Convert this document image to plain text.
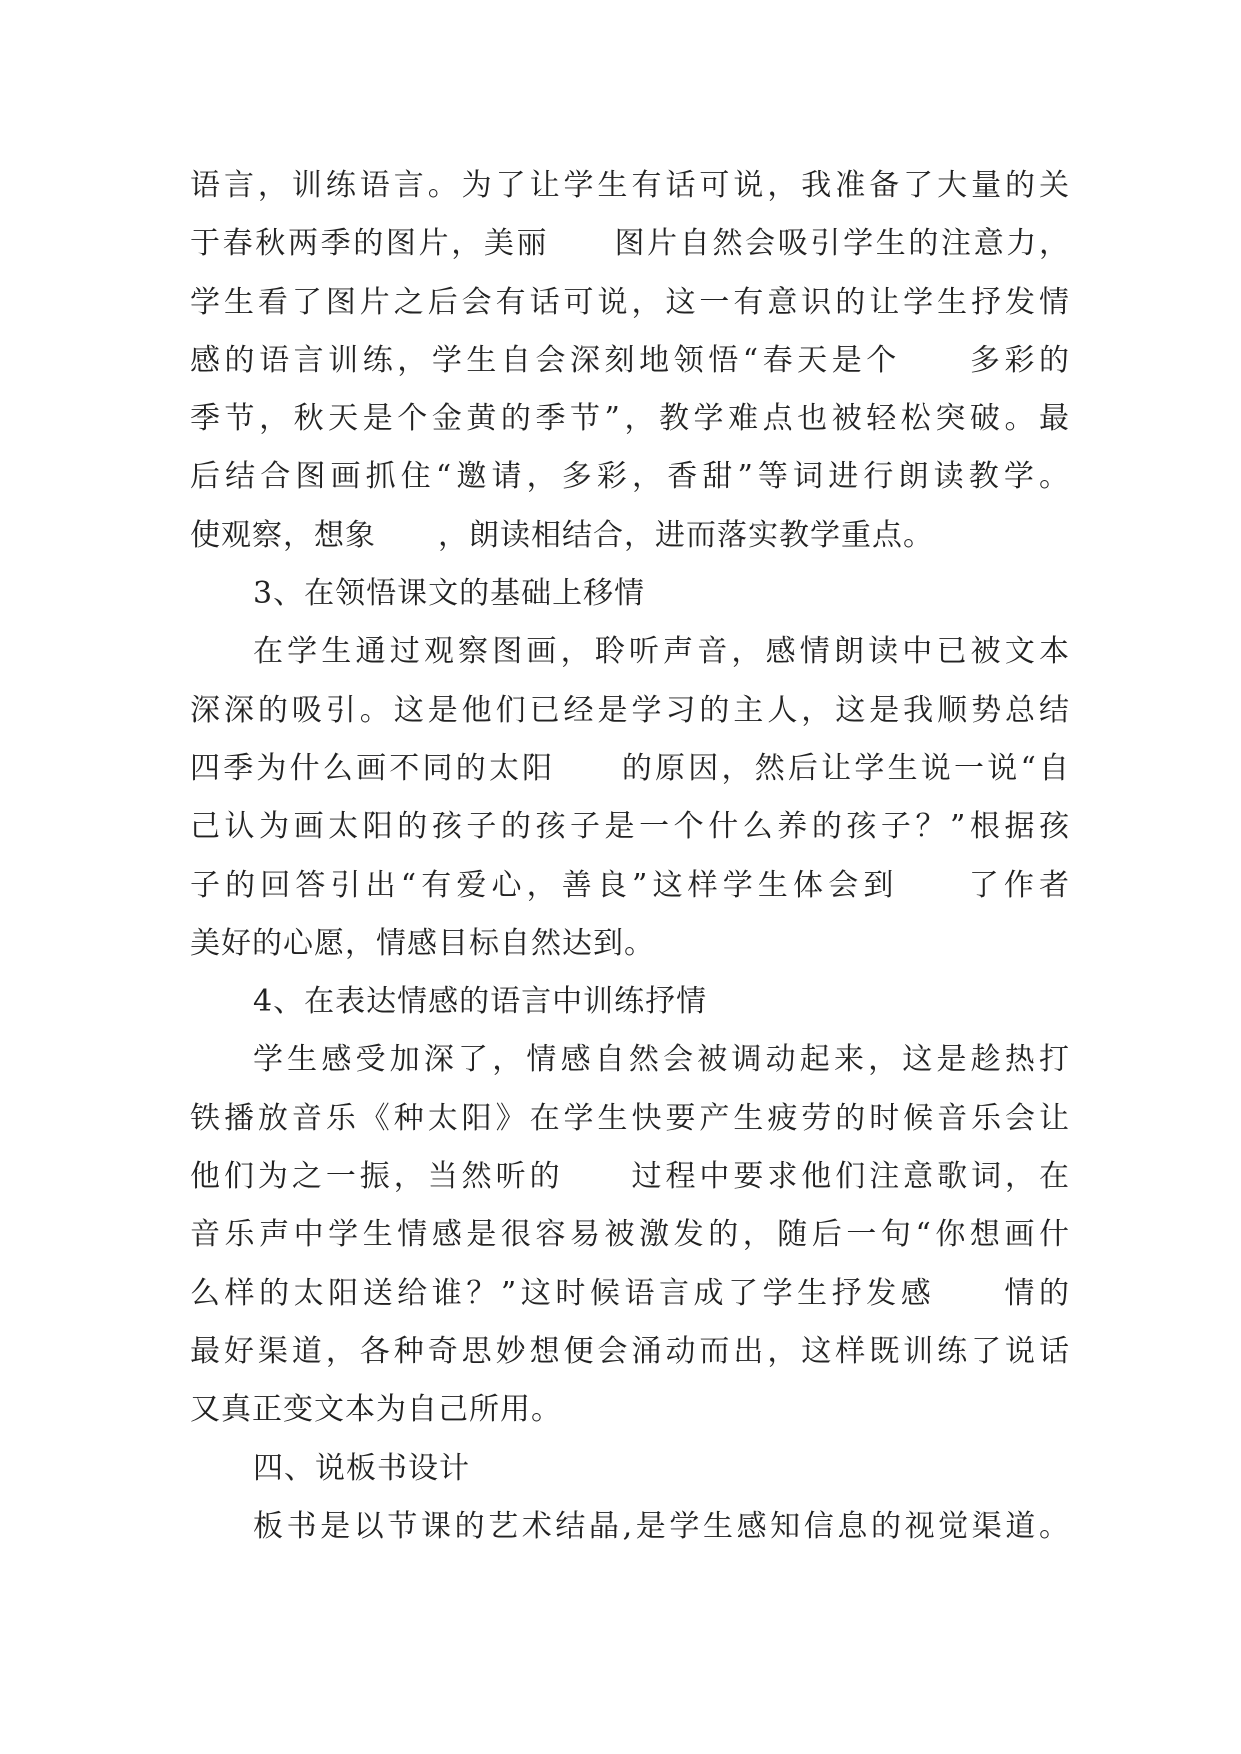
语言，训练语言。为了让学生有话可说，我准备了大量的关
于春秋两季的图片，美丽　　图片自然会吸引学生的注意力，
学生看了图片之后会有话可说，这一有意识的让学生抒发情
感的语言训练，学生自会深刻地领悟“春天是个　　多彩的
季节，秋天是个金黄的季节”，教学难点也被轻松突破。最
后结合图画抓住“邀请，多彩，香甜”等词进行朗读教学。
使观察，想象　　，朗读相结合，进而落实教学重点。
3、在领悟课文的基础上移情
在学生通过观察图画，聆听声音，感情朗读中已被文本
深深的吸引。这是他们已经是学习的主人，这是我顺势总结
四季为什么画不同的太阳　　的原因，然后让学生说一说“自
己认为画太阳的孩子的孩子是一个什么养的孩子？”根据孩
子的回答引出“有爱心，善良”这样学生体会到　　了作者
美好的心愿，情感目标自然达到。
4、在表达情感的语言中训练抒情
学生感受加深了，情感自然会被调动起来，这是趁热打
铁播放音乐《种太阳》在学生快要产生疲劳的时候音乐会让
他们为之一振，当然听的　　过程中要求他们注意歌词，在
音乐声中学生情感是很容易被激发的，随后一句“你想画什
么样的太阳送给谁？”这时候语言成了学生抒发感　　情的
最好渠道，各种奇思妙想便会涌动而出，这样既训练了说话
又真正变文本为自己所用。
四、说板书设计
板书是以节课的艺术结晶,是学生感知信息的视觉渠道。
